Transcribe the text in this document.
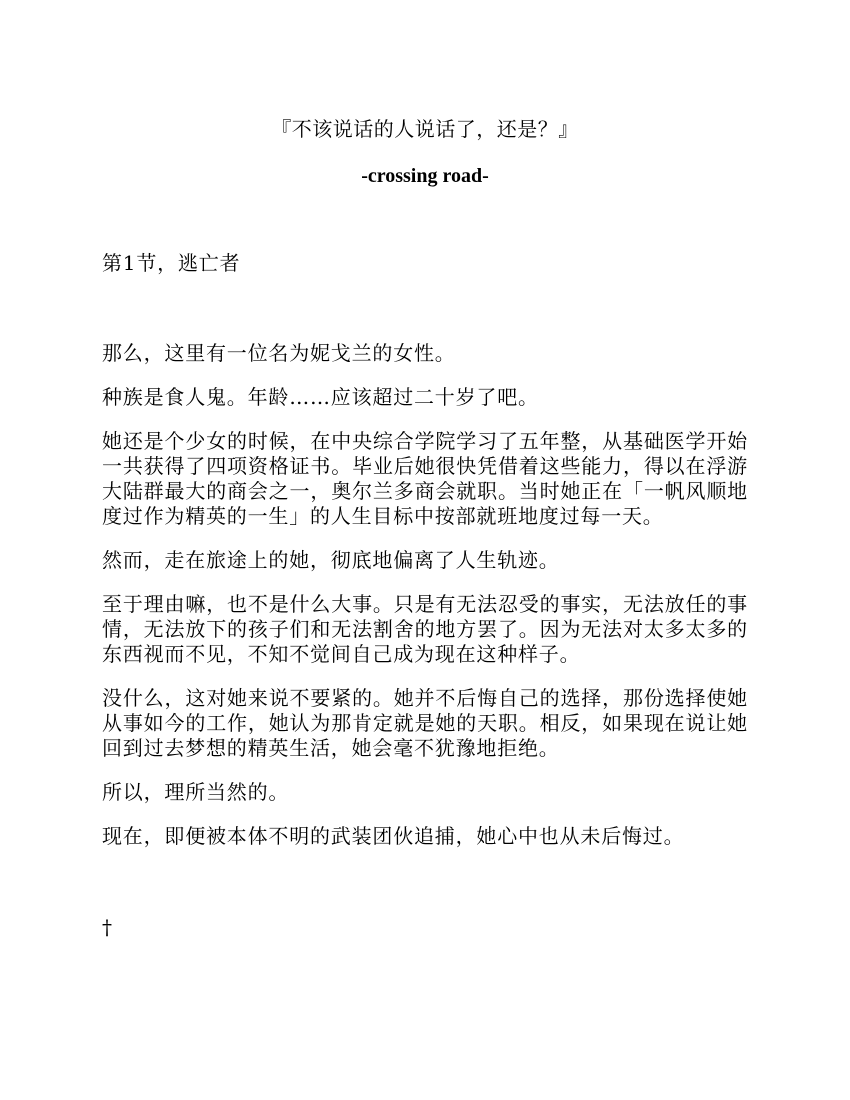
『不该说话的人说话了，还是？』
-crossing road-
第1节，逃亡者

那么，这里有一位名为妮戈兰的女性。

种族是食人鬼。年龄……应该超过二十岁了吧。

她还是个少女的时候，在中央综合学院学习了五年整，从基础医学开始一共获得了四项资格证书。毕业后她很快凭借着这些能力，得以在浮游大陆群最大的商会之一，奥尔兰多商会就职。当时她正在「一帆风顺地度过作为精英的一生」的人生目标中按部就班地度过每一天。

然而，走在旅途上的她，彻底地偏离了人生轨迹。

至于理由嘛，也不是什么大事。只是有无法忍受的事实，无法放任的事情，无法放下的孩子们和无法割舍的地方罢了。因为无法对太多太多的东西视而不见，不知不觉间自己成为现在这种样子。

没什么，这对她来说不要紧的。她并不后悔自己的选择，那份选择使她从事如今的工作，她认为那肯定就是她的天职。相反，如果现在说让她回到过去梦想的精英生活，她会毫不犹豫地拒绝。

所以，理所当然的。

现在，即便被本体不明的武装团伙追捕，她心中也从未后悔过。

†
